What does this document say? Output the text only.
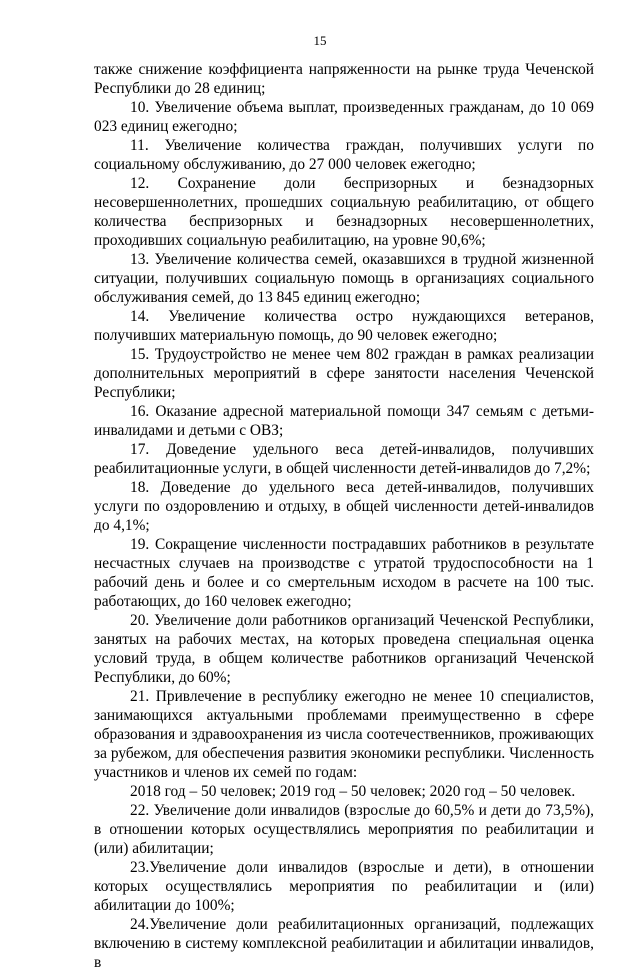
15

также снижение коэффициента напряженности на рынке труда Чеченской Республики до 28 единиц;

10. Увеличение объема выплат, произведенных гражданам, до 10 069 023 единиц ежегодно;

11. Увеличение количества граждан, получивших услуги по социальному обслуживанию, до 27 000 человек ежегодно;

12. Сохранение доли беспризорных и безнадзорных несовершеннолетних, прошедших социальную реабилитацию, от общего количества беспризорных и безнадзорных несовершеннолетних, проходивших социальную реабилитацию, на уровне 90,6%;

13. Увеличение количества семей, оказавшихся в трудной жизненной ситуации, получивших социальную помощь в организациях социального обслуживания семей, до 13 845 единиц ежегодно;

14. Увеличение количества остро нуждающихся ветеранов, получивших материальную помощь, до 90 человек ежегодно;

15. Трудоустройство не менее чем 802 граждан в рамках реализации дополнительных мероприятий в сфере занятости населения Чеченской Республики;

16. Оказание адресной материальной помощи 347 семьям с детьми-инвалидами и детьми с ОВЗ;

17. Доведение удельного веса детей-инвалидов, получивших реабилитационные услуги, в общей численности детей-инвалидов до 7,2%;

18. Доведение до удельного веса детей-инвалидов, получивших услуги по оздоровлению и отдыху, в общей численности детей-инвалидов до 4,1%;

19. Сокращение численности пострадавших работников в результате несчастных случаев на производстве с утратой трудоспособности на 1 рабочий день и более и со смертельным исходом в расчете на 100 тыс. работающих, до 160 человек ежегодно;

20. Увеличение доли работников организаций Чеченской Республики, занятых на рабочих местах, на которых проведена специальная оценка условий труда, в общем количестве работников организаций Чеченской Республики, до 60%;

21. Привлечение в республику ежегодно не менее 10 специалистов, занимающихся актуальными проблемами преимущественно в сфере образования и здравоохранения из числа соотечественников, проживающих за рубежом, для обеспечения развития экономики республики. Численность участников и членов их семей по годам:

2018 год – 50 человек; 2019 год – 50 человек; 2020 год – 50 человек.

22. Увеличение доли инвалидов (взрослые до 60,5% и дети до 73,5%), в отношении которых осуществлялись мероприятия по реабилитации и (или) абилитации;

23.Увеличение доли инвалидов (взрослые и дети), в отношении которых осуществлялись мероприятия по реабилитации и (или) абилитации до 100%;

24.Увеличение доли реабилитационных организаций, подлежащих включению в систему комплексной реабилитации и абилитации инвалидов, в
